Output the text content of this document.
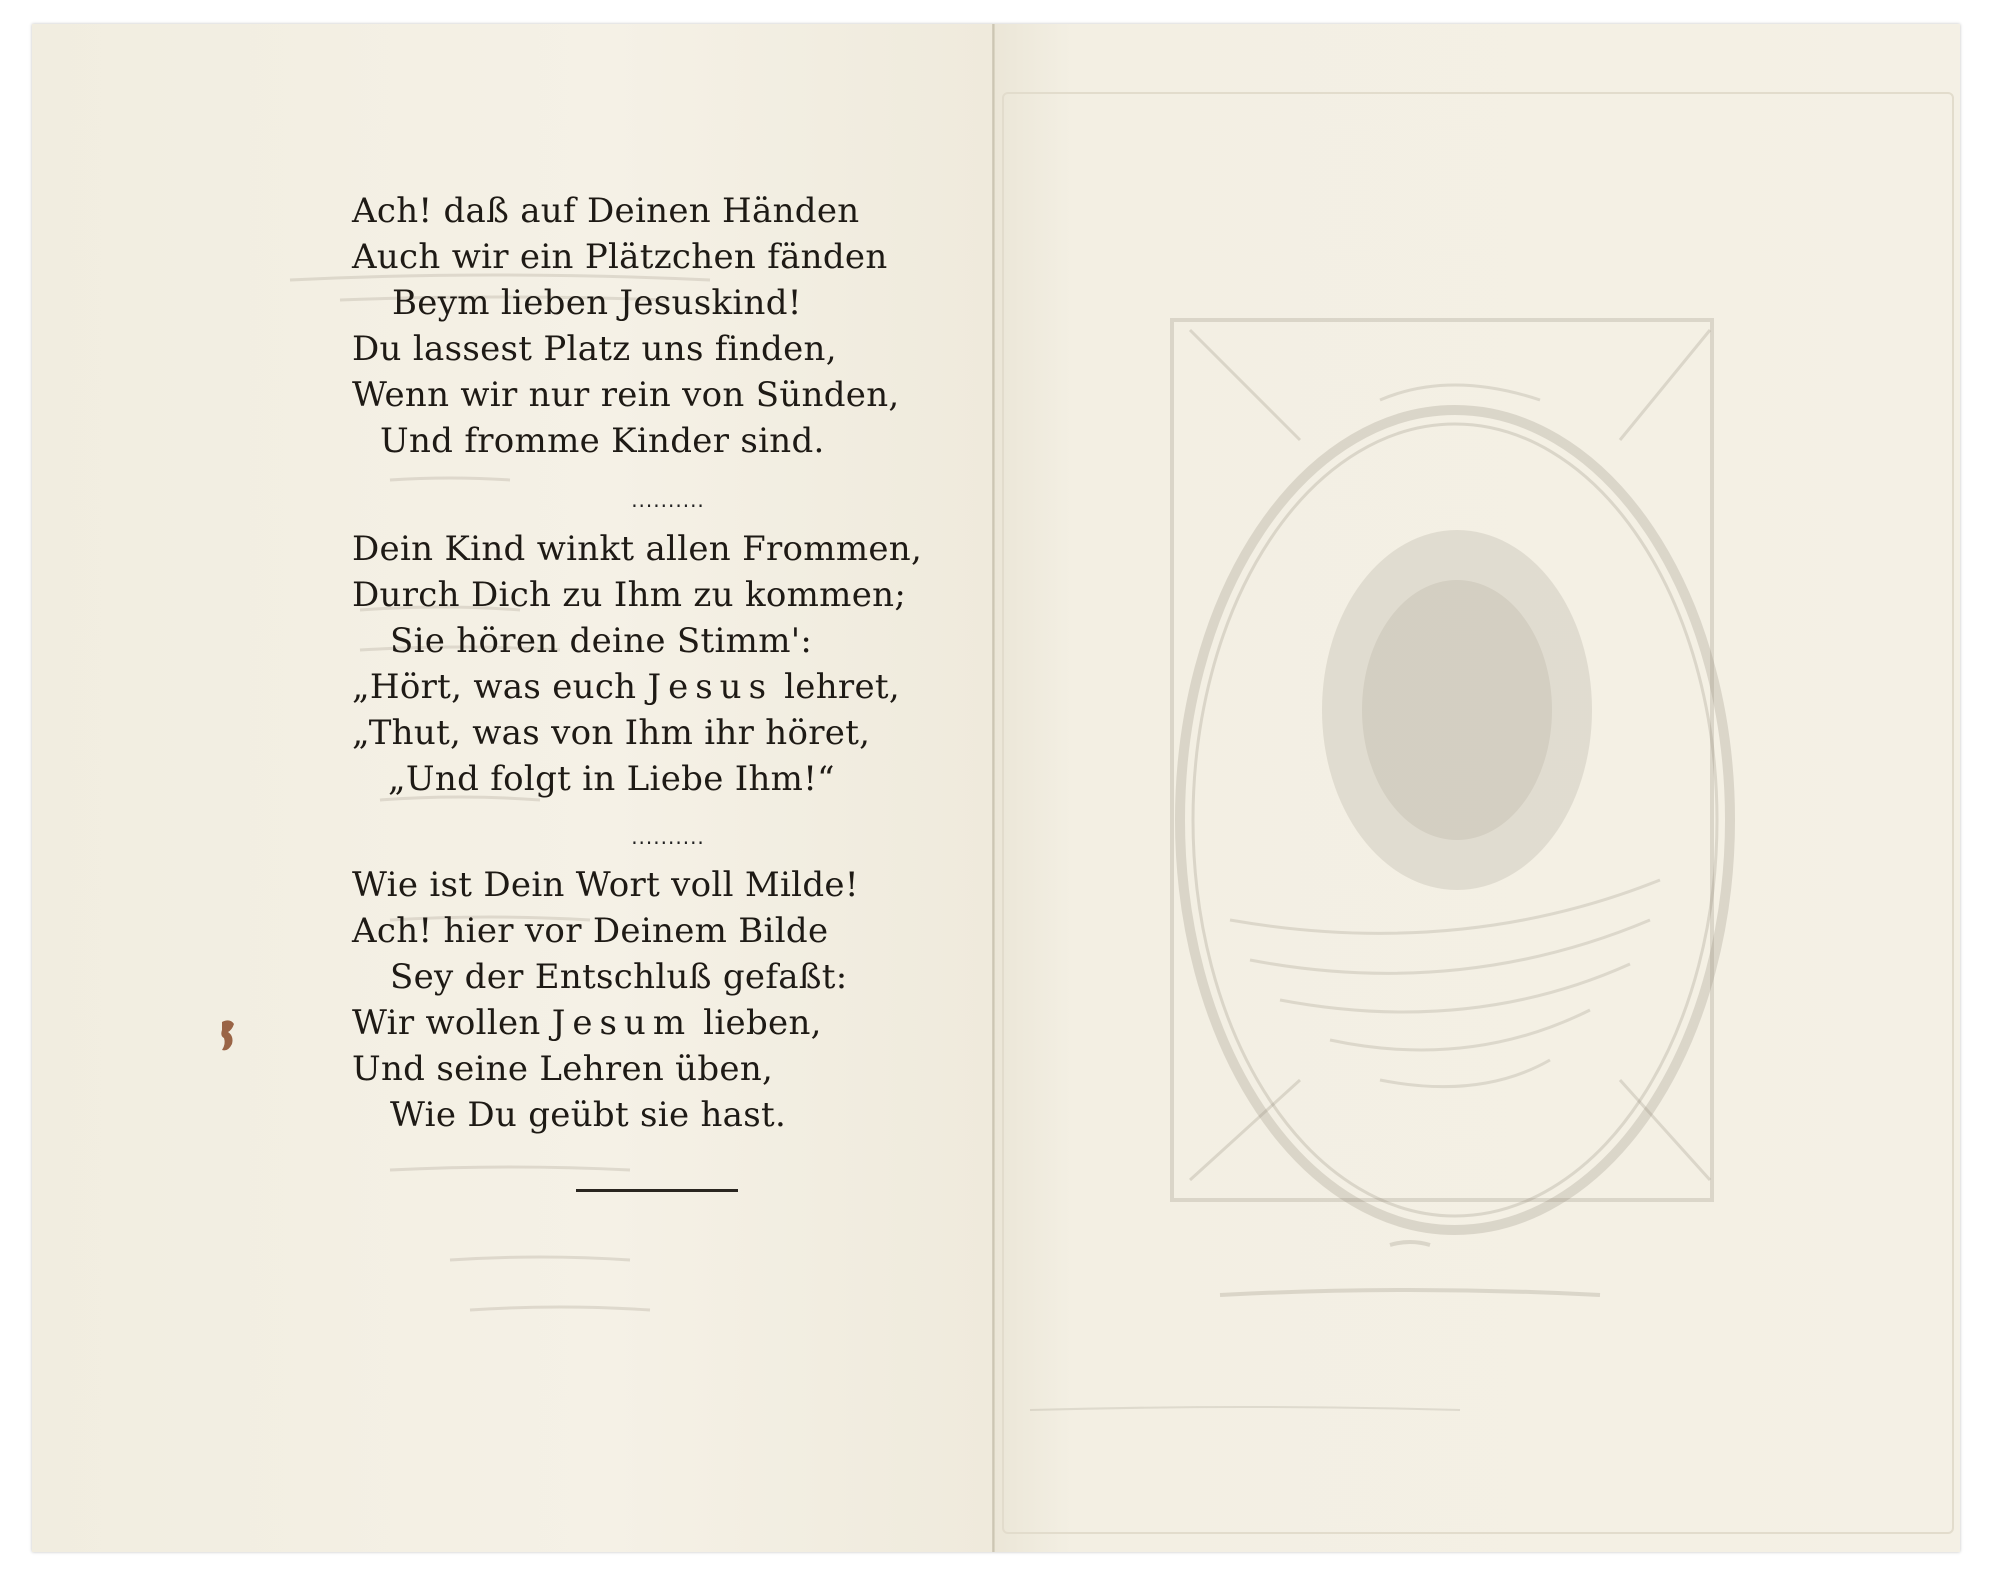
Ach! daß auf Deinen Händen
Auch wir ein Plätzchen fänden
Beym lieben Jesuskind!
Du lassest Platz uns finden,
Wenn wir nur rein von Sünden,
Und fromme Kinder sind.
..........
Dein Kind winkt allen Frommen,
Durch Dich zu Ihm zu kommen;
Sie hören deine Stimm':
„Hört, was euch Jesus lehret,
„Thut, was von Ihm ihr höret,
„Und folgt in Liebe Ihm!“
..........
Wie ist Dein Wort voll Milde!
Ach! hier vor Deinem Bilde
Sey der Entschluß gefaßt:
Wir wollen Jesum lieben,
Und seine Lehren üben,
Wie Du geübt sie hast.
